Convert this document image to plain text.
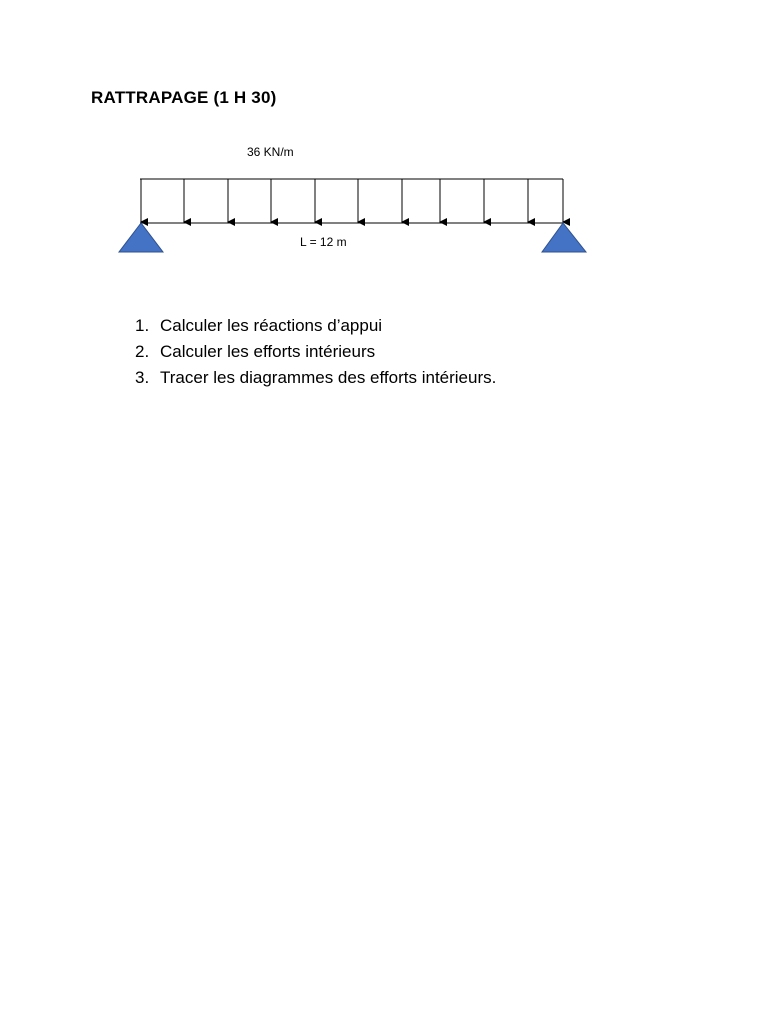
RATTRAPAGE (1 H 30)
36 KN/m
L = 12 m
1. Calculer les réactions d’appui
2. Calculer les efforts intérieurs
3. Tracer les diagrammes des efforts intérieurs.
